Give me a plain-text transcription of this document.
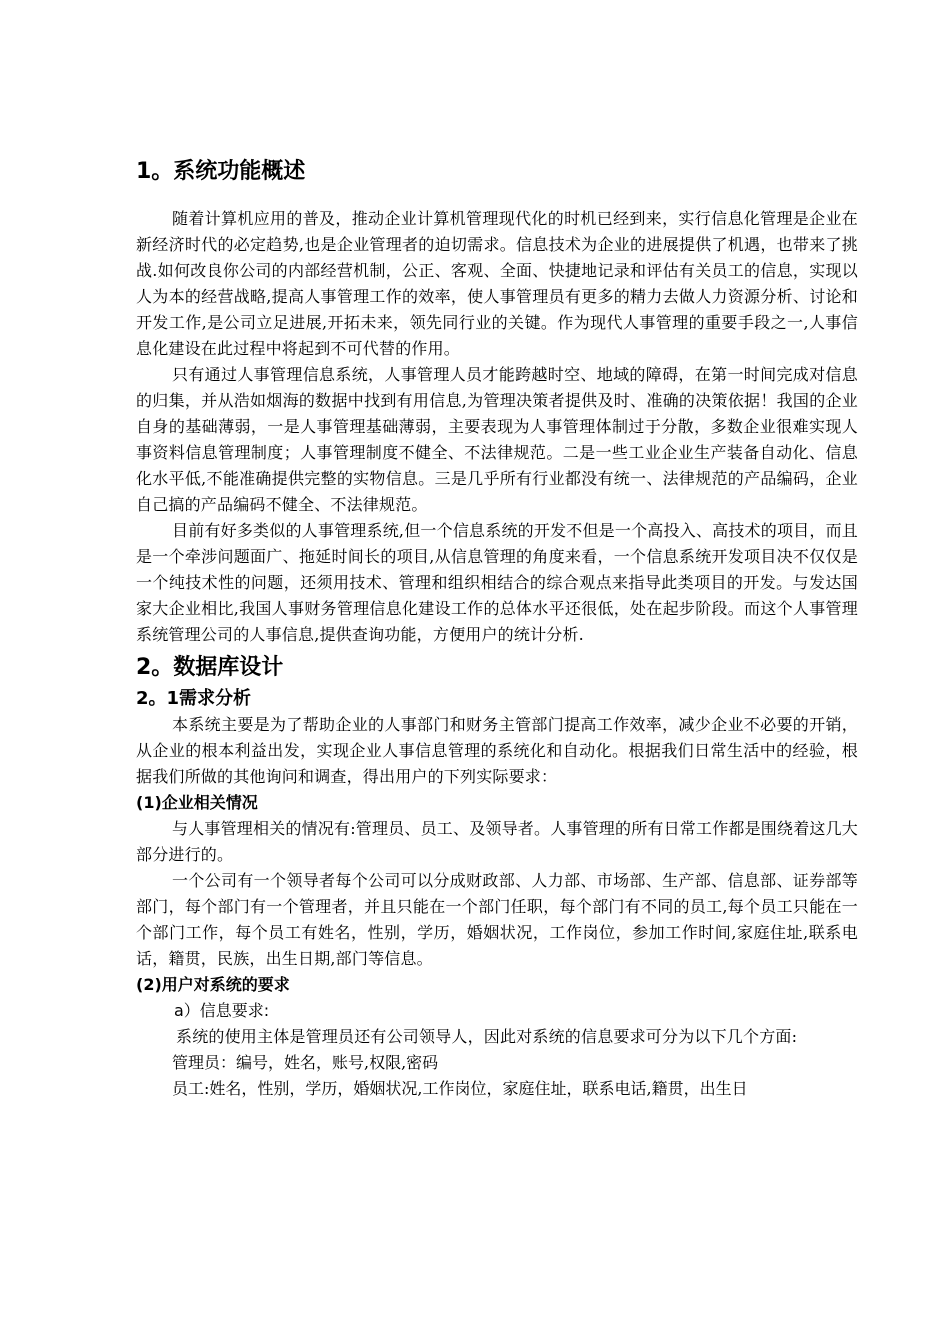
1。系统功能概述

随着计算机应用的普及，推动企业计算机管理现代化的时机已经到来，实行信息化管理是企业在新经济时代的必定趋势,也是企业管理者的迫切需求。信息技术为企业的进展提供了机遇，也带来了挑战.如何改良你公司的内部经营机制，公正、客观、全面、快捷地记录和评估有关员工的信息，实现以人为本的经营战略,提高人事管理工作的效率，使人事管理员有更多的精力去做人力资源分析、讨论和开发工作,是公司立足进展,开拓未来，领先同行业的关键。作为现代人事管理的重要手段之一,人事信息化建设在此过程中将起到不可代替的作用。

只有通过人事管理信息系统，人事管理人员才能跨越时空、地域的障碍，在第一时间完成对信息的归集，并从浩如烟海的数据中找到有用信息,为管理决策者提供及时、准确的决策依据！我国的企业自身的基础薄弱，一是人事管理基础薄弱，主要表现为人事管理体制过于分散，多数企业很难实现人事资料信息管理制度；人事管理制度不健全、不法律规范。二是一些工业企业生产装备自动化、信息化水平低,不能准确提供完整的实物信息。三是几乎所有行业都没有统一、法律规范的产品编码，企业自己搞的产品编码不健全、不法律规范。

目前有好多类似的人事管理系统,但一个信息系统的开发不但是一个高投入、高技术的项目，而且是一个牵涉问题面广、拖延时间长的项目,从信息管理的角度来看，一个信息系统开发项目决不仅仅是一个纯技术性的问题，还须用技术、管理和组织相结合的综合观点来指导此类项目的开发。与发达国家大企业相比,我国人事财务管理信息化建设工作的总体水平还很低，处在起步阶段。而这个人事管理系统管理公司的人事信息,提供查询功能，方便用户的统计分析.

2。数据库设计
2。1需求分析

本系统主要是为了帮助企业的人事部门和财务主管部门提高工作效率，减少企业不必要的开销，从企业的根本利益出发，实现企业人事信息管理的系统化和自动化。根据我们日常生活中的经验，根据我们所做的其他询问和调查，得出用户的下列实际要求：

(1)企业相关情况

与人事管理相关的情况有:管理员、员工、及领导者。人事管理的所有日常工作都是围绕着这几大部分进行的。

一个公司有一个领导者每个公司可以分成财政部、人力部、市场部、生产部、信息部、证券部等部门，每个部门有一个管理者，并且只能在一个部门任职，每个部门有不同的员工,每个员工只能在一个部门工作，每个员工有姓名，性别，学历，婚姻状况，工作岗位，参加工作时间,家庭住址,联系电话，籍贯，民族，出生日期,部门等信息。

(2)用户对系统的要求
a）信息要求:

系统的使用主体是管理员还有公司领导人，因此对系统的信息要求可分为以下几个方面:

管理员：编号，姓名，账号,权限,密码
员工:姓名，性别，学历，婚姻状况,工作岗位，家庭住址，联系电话,籍贯，出生日
